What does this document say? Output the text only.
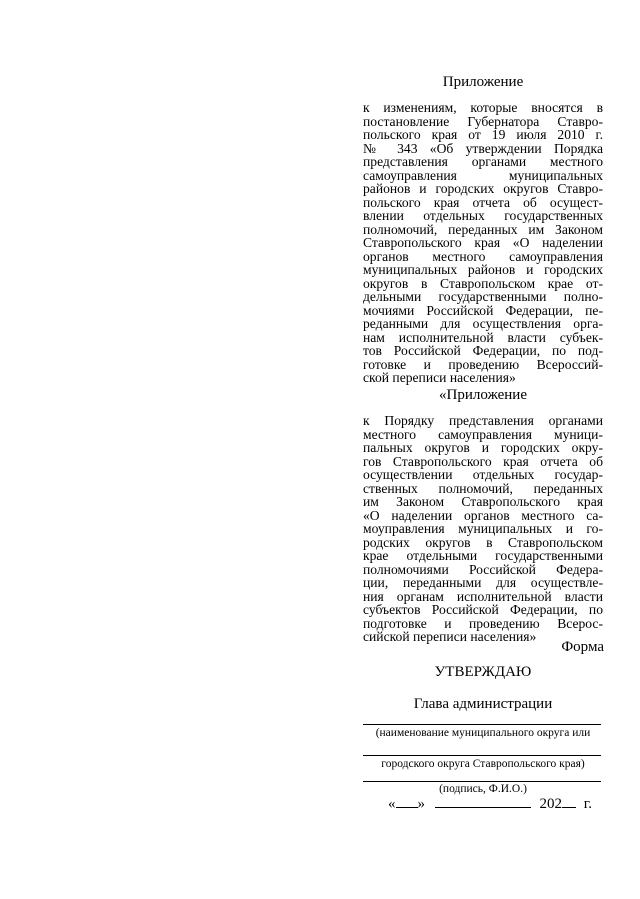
Приложение
к изменениям, которые вносятся в
постановление Губернатора Ставро-
польского края от 19 июля 2010 г.
№ 343 «Об утверждении Порядка
представления органами местного
самоуправления муниципальных
районов и городских округов Ставро-
польского края отчета об осущест-
влении отдельных государственных
полномочий, переданных им Законом
Ставропольского края «О наделении
органов местного самоуправления
муниципальных районов и городских
округов в Ставропольском крае от-
дельными государственными полно-
мочиями Российской Федерации, пе-
реданными для осуществления орга-
нам исполнительной власти субъек-
тов Российской Федерации, по под-
готовке и проведению Всероссий-
ской переписи населения»
«Приложение
к Порядку представления органами
местного самоуправления муници-
пальных округов и городских окру-
гов Ставропольского края отчета об
осуществлении отдельных государ-
ственных полномочий, переданных
им Законом Ставропольского края
«О наделении органов местного са-
моуправления муниципальных и го-
родских округов в Ставропольском
крае отдельными государственными
полномочиями Российской Федера-
ции, переданными для осуществле-
ния органам исполнительной власти
субъектов Российской Федерации, по
подготовке и проведению Всерос-
сийской переписи населения»
Форма
УТВЕРЖДАЮ
Глава администрации
(наименование муниципального округа или
городского округа Ставропольского края)
(подпись, Ф.И.О.)
« »	202 г.
